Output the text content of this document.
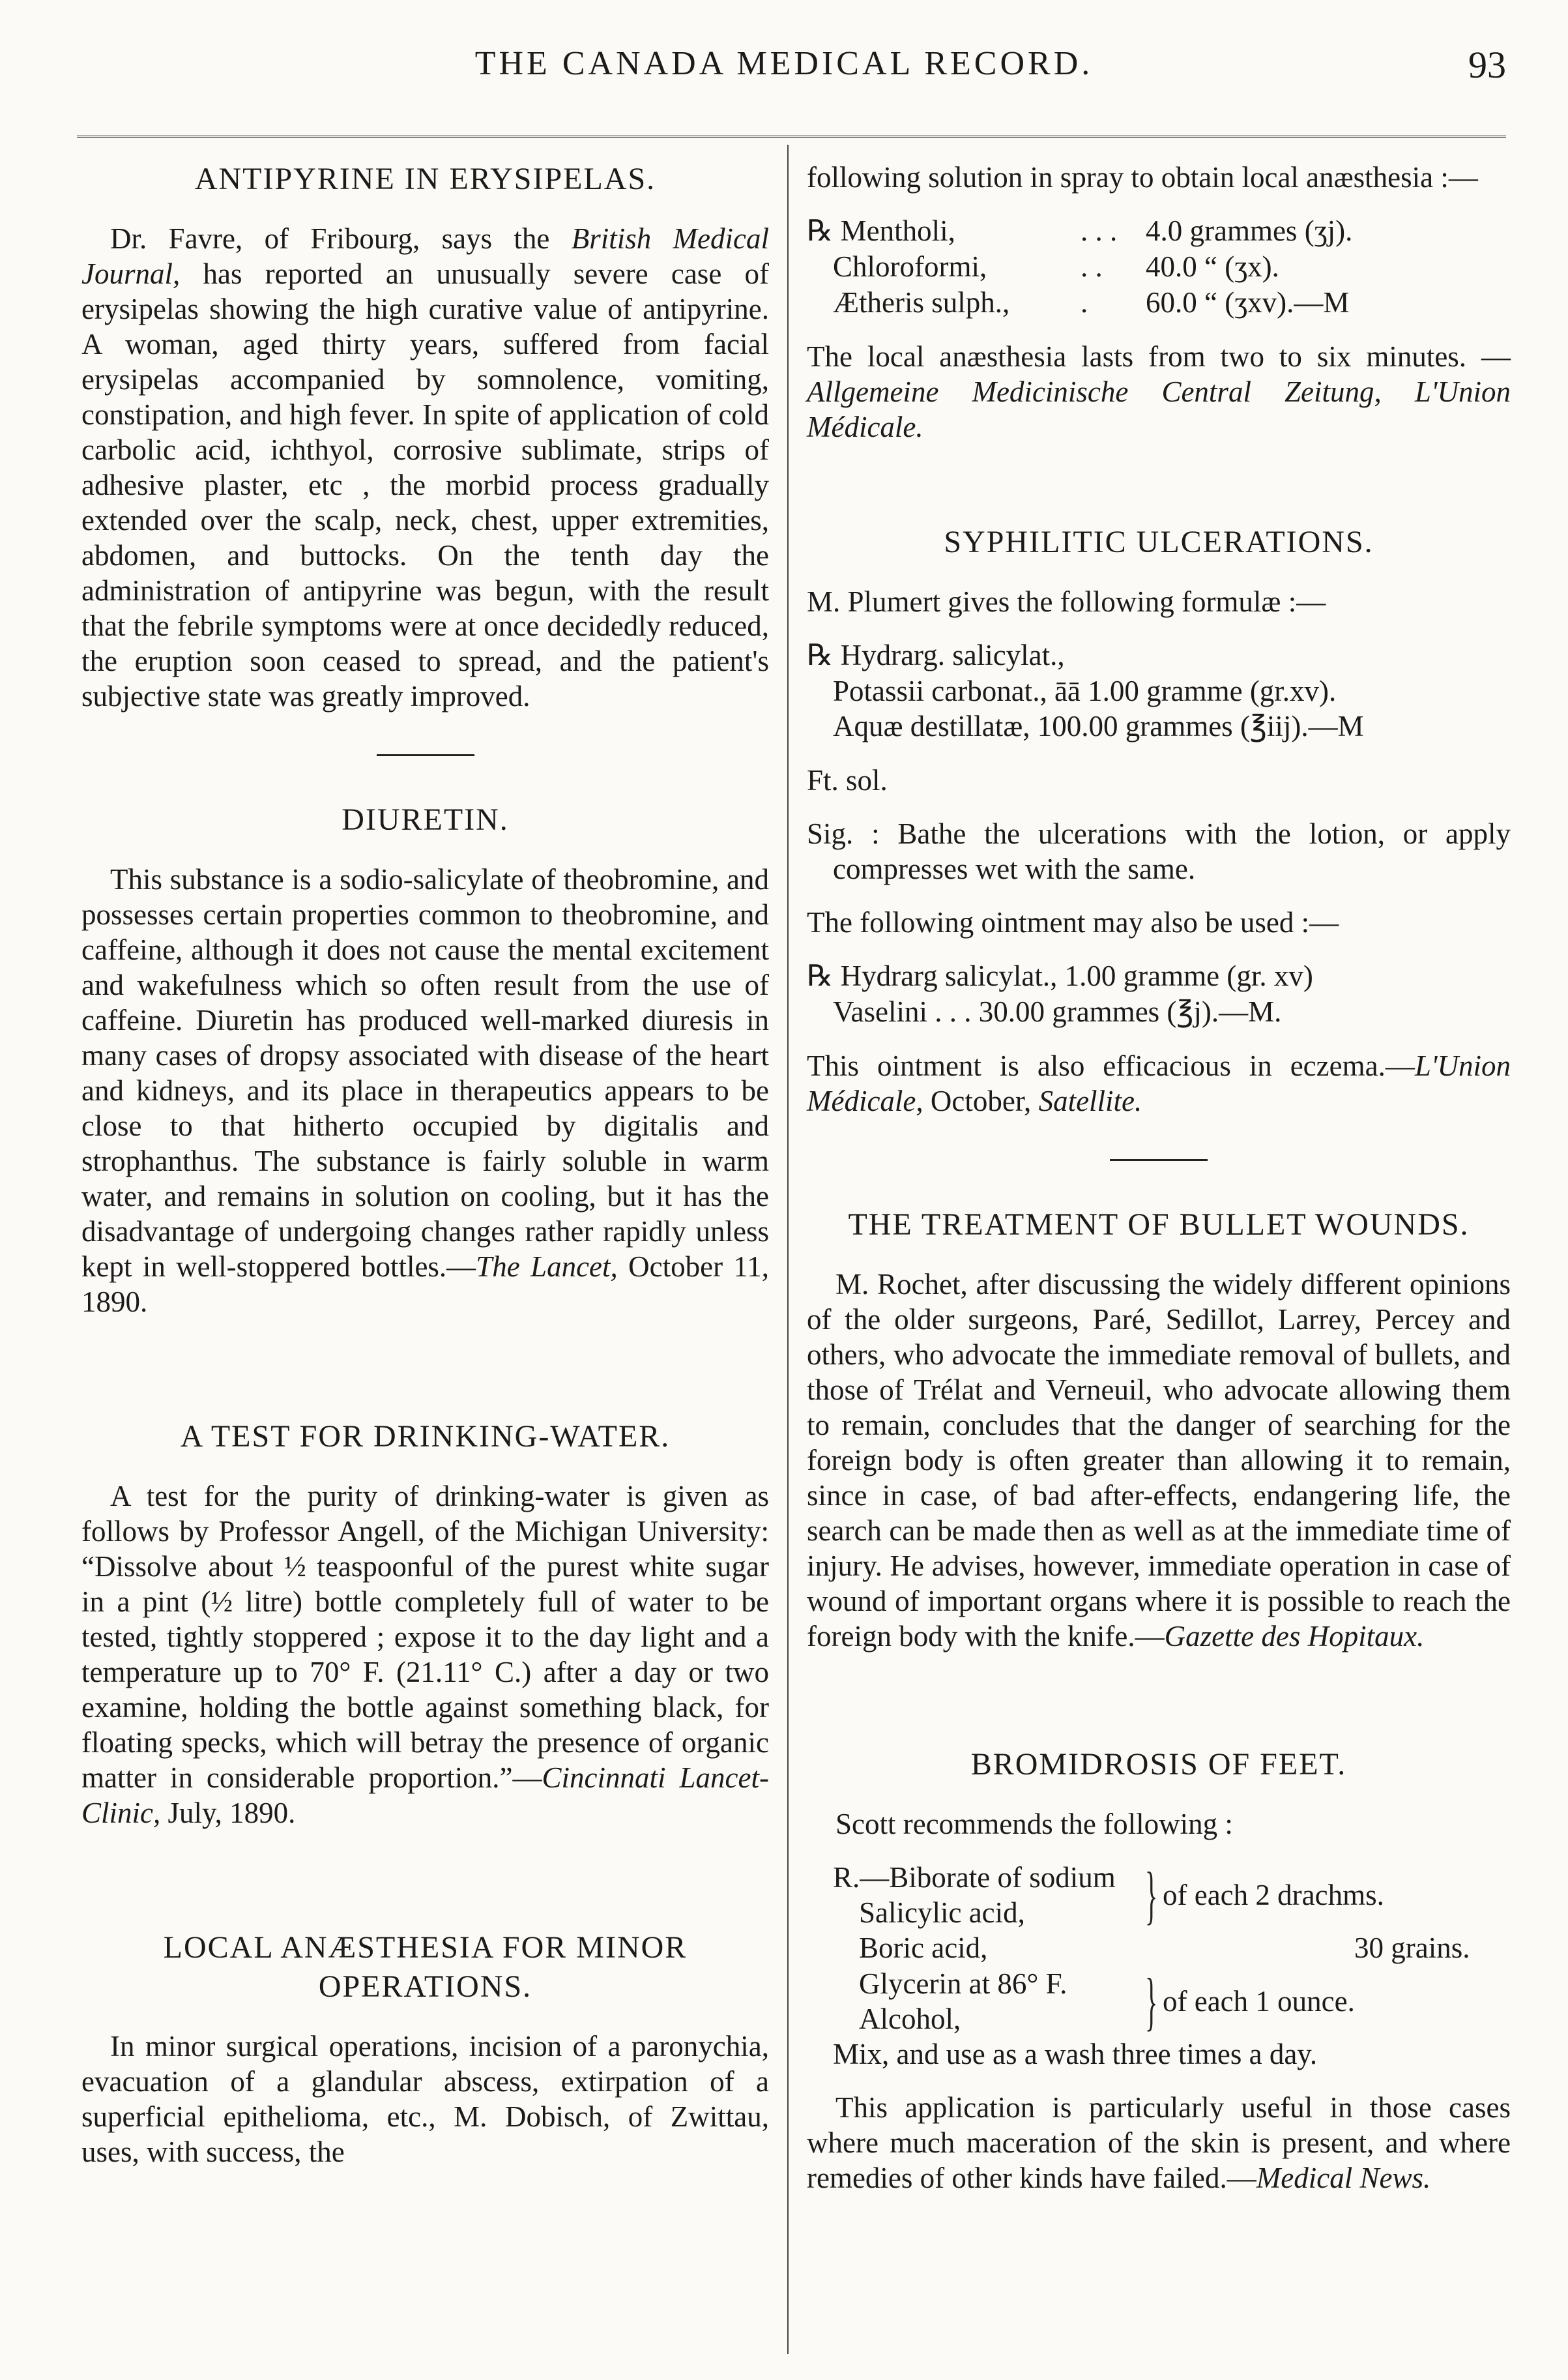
THE CANADA MEDICAL RECORD.	93
ANTIPYRINE IN ERYSIPELAS.

Dr. Favre, of Fribourg, says the British Medical Journal, has reported an unusually severe case of erysipelas showing the high curative value of antipyrine. A woman, aged thirty years, suffered from facial erysipelas accompanied by somnolence, vomiting, constipation, and high fever. In spite of application of cold carbolic acid, ichthyol, corrosive sublimate, strips of adhesive plaster, etc , the morbid process gradually extended over the scalp, neck, chest, upper extremities, abdomen, and buttocks. On the tenth day the administration of antipyrine was begun, with the result that the febrile symptoms were at once decidedly reduced, the eruption soon ceased to spread, and the patient's subjective state was greatly improved.

DIURETIN.

This substance is a sodio-salicylate of theobromine, and possesses certain properties common to theobromine, and caffeine, although it does not cause the mental excitement and wakefulness which so often result from the use of caffeine. Diuretin has produced well-marked diuresis in many cases of dropsy associated with disease of the heart and kidneys, and its place in therapeutics appears to be close to that hitherto occupied by digitalis and strophanthus. The substance is fairly soluble in warm water, and remains in solution on cooling, but it has the disadvantage of undergoing changes rather rapidly unless kept in well-stoppered bottles.—The Lancet, October 11, 1890.

A TEST FOR DRINKING-WATER.

A test for the purity of drinking-water is given as follows by Professor Angell, of the Michigan University: “Dissolve about ½ teaspoonful of the purest white sugar in a pint (½ litre) bottle completely full of water to be tested, tightly stoppered ; expose it to the day light and a temperature up to 70° F. (21.11° C.) after a day or two examine, holding the bottle against something black, for floating specks, which will betray the presence of organic matter in considerable proportion.”—Cincinnati Lancet-Clinic, July, 1890.

LOCAL ANÆSTHESIA FOR MINOR
OPERATIONS.

In minor surgical operations, incision of a paronychia, evacuation of a glandular abscess, extirpation of a superficial epithelioma, etc., M. Dobisch, of Zwittau, uses, with success, the

following solution in spray to obtain local anæsthesia :—

℞ Mentholi,	. . . 4.0 grammes (ʒj).
Chloroformi,	. .	40.0 “ (ʒx).
Ætheris sulph.,	.	60.0 “ (ʒxv).—M

The local anæsthesia lasts from two to six minutes. — Allgemeine Medicinische Central Zeitung, L'Union Médicale.

SYPHILITIC ULCERATIONS.

M. Plumert gives the following formulæ :—

℞ Hydrarg. salicylat.,
Potassii carbonat., āā 1.00 gramme (gr.xv).
Aquæ destillatæ, 100.00 grammes (℥iij).—M

Ft. sol.

Sig. : Bathe the ulcerations with the lotion, or apply compresses wet with the same.

The following ointment may also be used :—

℞ Hydrarg salicylat., 1.00 gramme (gr. xv)
Vaselini . . . 30.00 grammes (℥j).—M.

This ointment is also efficacious in eczema.—L'Union Médicale, October, Satellite.

THE TREATMENT OF BULLET WOUNDS.

M. Rochet, after discussing the widely different opinions of the older surgeons, Paré, Sedillot, Larrey, Percey and others, who advocate the immediate removal of bullets, and those of Trélat and Verneuil, who advocate allowing them to remain, concludes that the danger of searching for the foreign body is often greater than allowing it to remain, since in case, of bad after-effects, endangering life, the search can be made then as well as at the immediate time of injury. He advises, however, immediate operation in case of wound of important organs where it is possible to reach the foreign body with the knife.—Gazette des Hopitaux.

BROMIDROSIS OF FEET.

Scott recommends the following :

R.—Biborate of sodium
Salicylic acid,	} of each 2 drachms.
Boric acid,	30 grains.
Glycerin at 86° F.
Alcohol,	} of each 1 ounce.
Mix, and use as a wash three times a day.

This application is particularly useful in those cases where much maceration of the skin is present, and where remedies of other kinds have failed.—Medical News.
